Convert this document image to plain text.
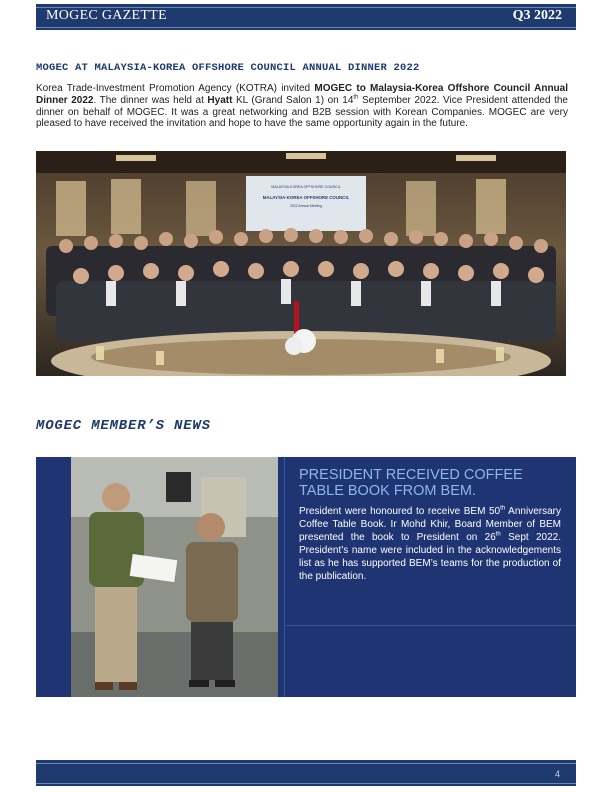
MOGEC GAZETTE	Q3 2022
MOGEC AT MALAYSIA-KOREA OFFSHORE COUNCIL ANNUAL DINNER 2022
Korea Trade-Investment Promotion Agency (KOTRA) invited MOGEC to Malaysia-Korea Offshore Council Annual Dinner 2022. The dinner was held at Hyatt KL (Grand Salon 1) on 14th September 2022. Vice President attended the dinner on behalf of MOGEC. It was a great networking and B2B session with Korean Companies. MOGEC are very pleased to have received the invitation and hope to have the same opportunity again in the future.
MALAYSIA-KOREA OFFSHORE COUNCIL
MALAYSIA-KOREA OFFSHORE COUNCIL
2022 Annual Meeting
MOGEC MEMBER’S NEWS
PRESIDENT RECEIVED COFFEE TABLE BOOK FROM BEM.
President were honoured to receive BEM 50th Anniversary Coffee Table Book. Ir Mohd Khir, Board Member of BEM presented the book to President on 26th Sept 2022. President’s name were included in the acknowledgements list as he has supported BEM’s teams for the production of the publication.
4
